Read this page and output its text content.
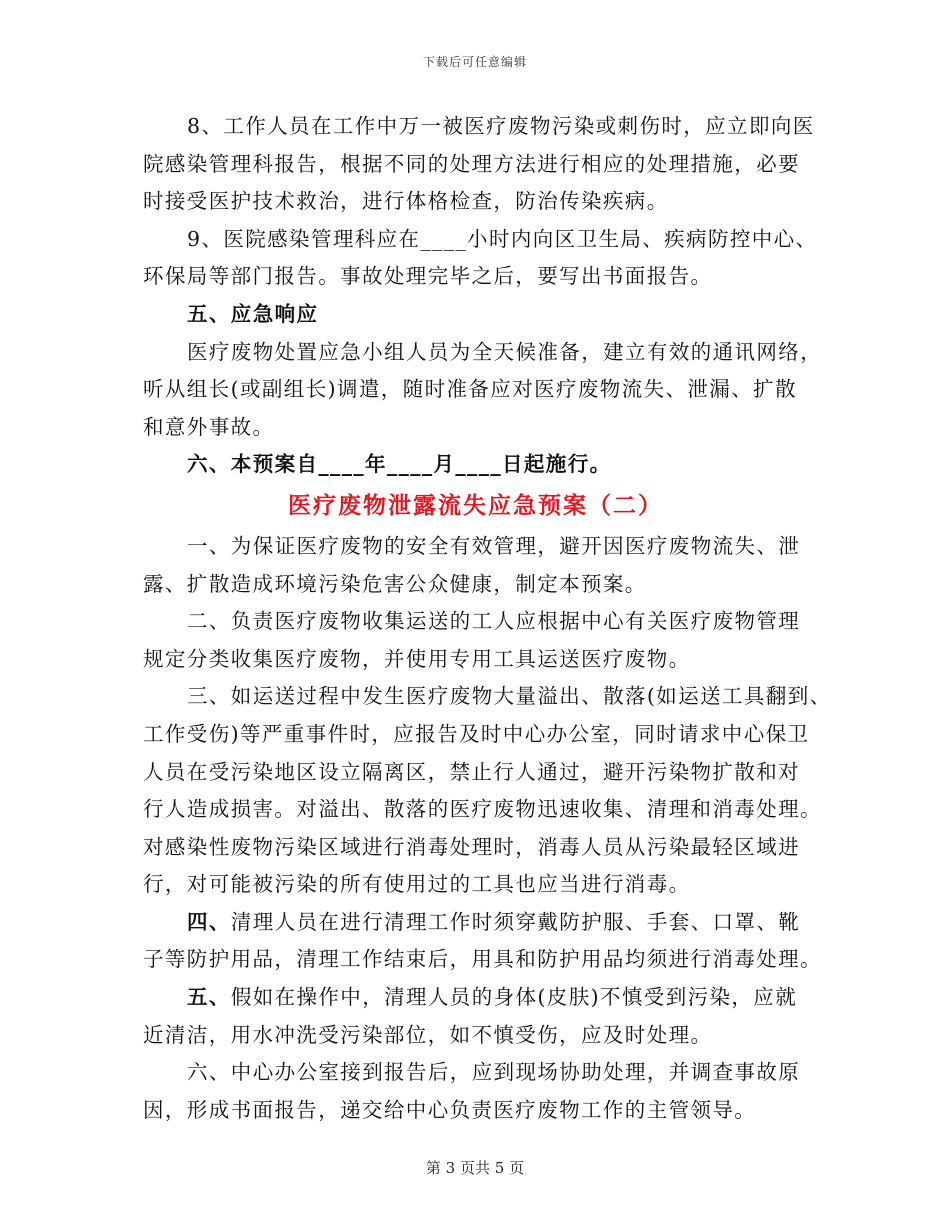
下载后可任意编辑
8、工作人员在工作中万一被医疗废物污染或刺伤时，应立即向医
院感染管理科报告，根据不同的处理方法进行相应的处理措施，必要
时接受医护技术救治，进行体格检查，防治传染疾病。
9、医院感染管理科应在____小时内向区卫生局、疾病防控中心、
环保局等部门报告。事故处理完毕之后，要写出书面报告。
五、应急响应
医疗废物处置应急小组人员为全天候准备，建立有效的通讯网络，
听从组长(或副组长)调遣，随时准备应对医疗废物流失、泄漏、扩散
和意外事故。
六、本预案自____年____月____日起施行。
医疗废物泄露流失应急预案（二）
一、为保证医疗废物的安全有效管理，避开因医疗废物流失、泄
露、扩散造成环境污染危害公众健康，制定本预案。
二、负责医疗废物收集运送的工人应根据中心有关医疗废物管理
规定分类收集医疗废物，并使用专用工具运送医疗废物。
三、如运送过程中发生医疗废物大量溢出、散落(如运送工具翻到、
工作受伤)等严重事件时，应报告及时中心办公室，同时请求中心保卫
人员在受污染地区设立隔离区，禁止行人通过，避开污染物扩散和对
行人造成损害。对溢出、散落的医疗废物迅速收集、清理和消毒处理。
对感染性废物污染区域进行消毒处理时，消毒人员从污染最轻区域进
行，对可能被污染的所有使用过的工具也应当进行消毒。
四、清理人员在进行清理工作时须穿戴防护服、手套、口罩、靴
子等防护用品，清理工作结束后，用具和防护用品均须进行消毒处理。
五、假如在操作中，清理人员的身体(皮肤)不慎受到污染，应就
近清洁，用水冲洗受污染部位，如不慎受伤，应及时处理。
六、中心办公室接到报告后，应到现场协助处理，并调查事故原
因，形成书面报告，递交给中心负责医疗废物工作的主管领导。
第 3 页共 5 页
